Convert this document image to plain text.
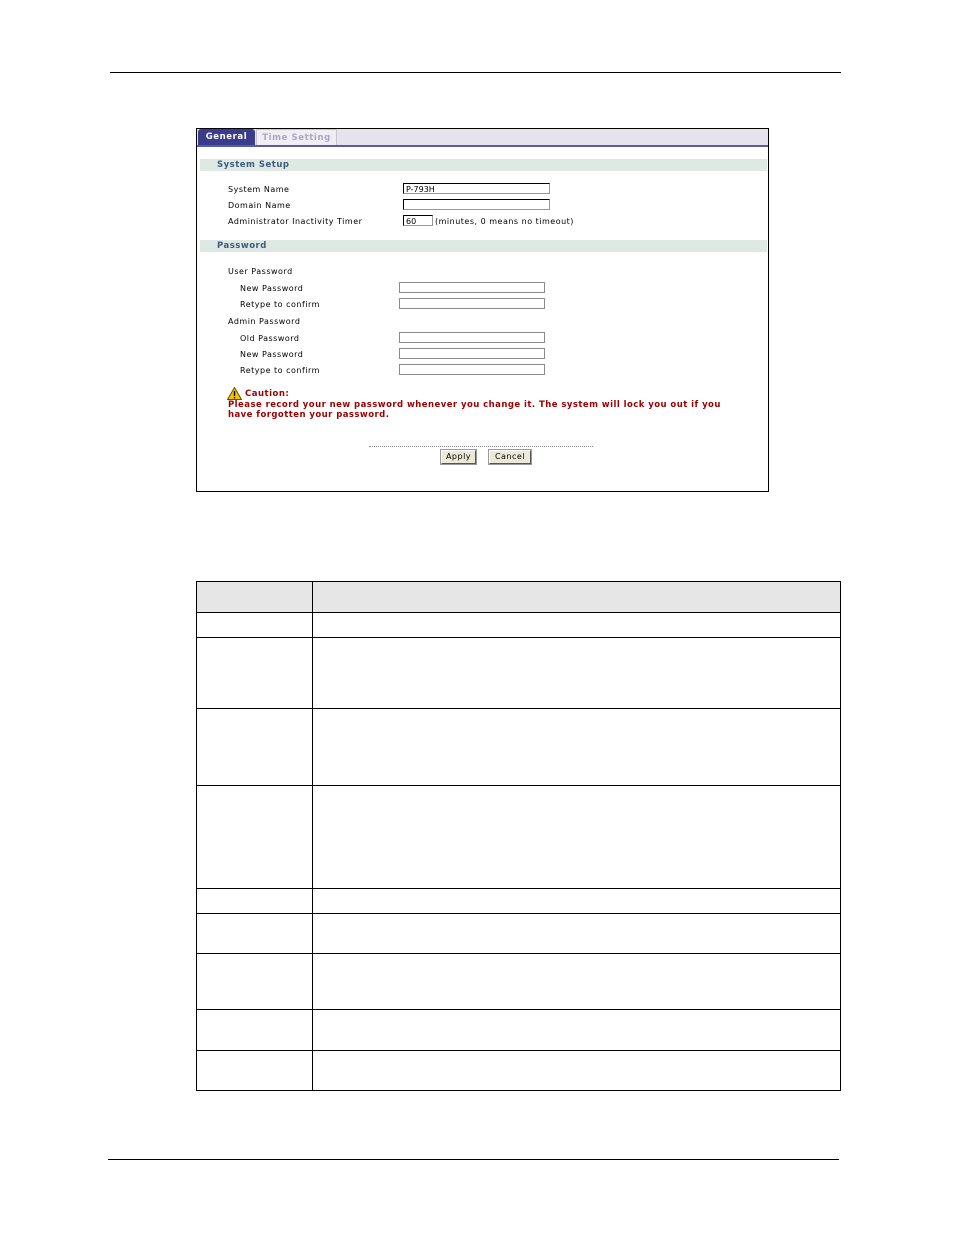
General	Time Setting
System Setup
System Name	P-793H
Domain Name
Administrator Inactivity Timer	60	(minutes, 0 means no timeout)
Password
User Password
New Password
Retype to confirm
Admin Password
Old Password
New Password
Retype to confirm
Caution:
Please record your new password whenever you change it. The system will lock you out if you have forgotten your password.
Apply	Cancel
